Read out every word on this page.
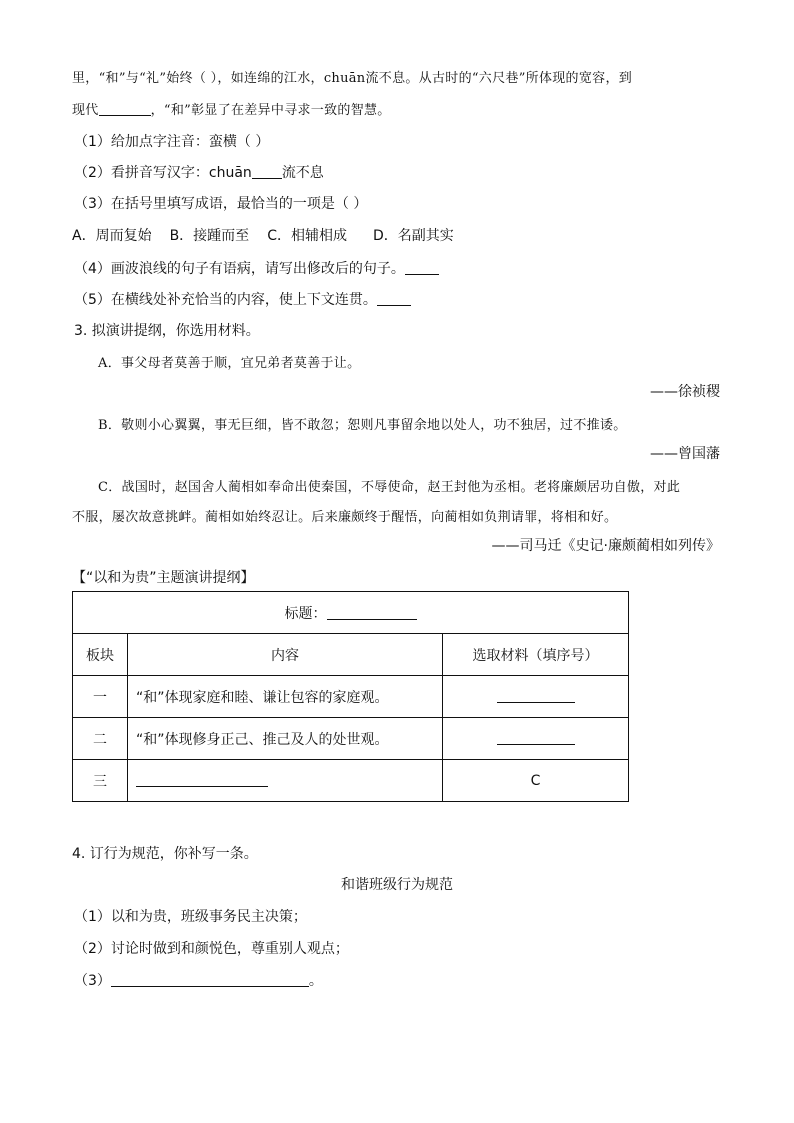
里，“和”与“礼”始终（ ），如连绵的江水，chuān流不息。从古时的“六尺巷”所体现的宽容，到
现代	，“和”彰显了在差异中寻求一致的智慧。
（1）给加点字注音：蛮横（ ）
（2）看拼音写汉字：chuān 流不息
（3）在括号里填写成语，最恰当的一项是（ ）
A．周而复始 B．接踵而至 C．相辅相成 D．名副其实
（4）画波浪线的句子有语病，请写出修改后的句子。
（5）在横线处补充恰当的内容，使上下文连贯。
3. 拟演讲提纲，你选用材料。
A．事父母者莫善于顺，宜兄弟者莫善于让。
——徐祯稷
B．敬则小心翼翼，事无巨细，皆不敢忽；恕则凡事留余地以处人，功不独居，过不推诿。
——曾国藩
C．战国时，赵国舍人蔺相如奉命出使秦国，不辱使命，赵王封他为丞相。老将廉颇居功自傲，对此
不服，屡次故意挑衅。蔺相如始终忍让。后来廉颇终于醒悟，向蔺相如负荆请罪，将相和好。
——司马迁《史记·廉颇蔺相如列传》
【“以和为贵”主题演讲提纲】
标题：		
板块	内容	选取材料（填序号）
一	“和”体现家庭和睦、谦让包容的家庭观。	
二	“和”体现修身正己、推己及人的处世观。	
三		C
4. 订行为规范，你补写一条。
和谐班级行为规范
（1）以和为贵，班级事务民主决策；
（2）讨论时做到和颜悦色，尊重别人观点；
（3）	。
